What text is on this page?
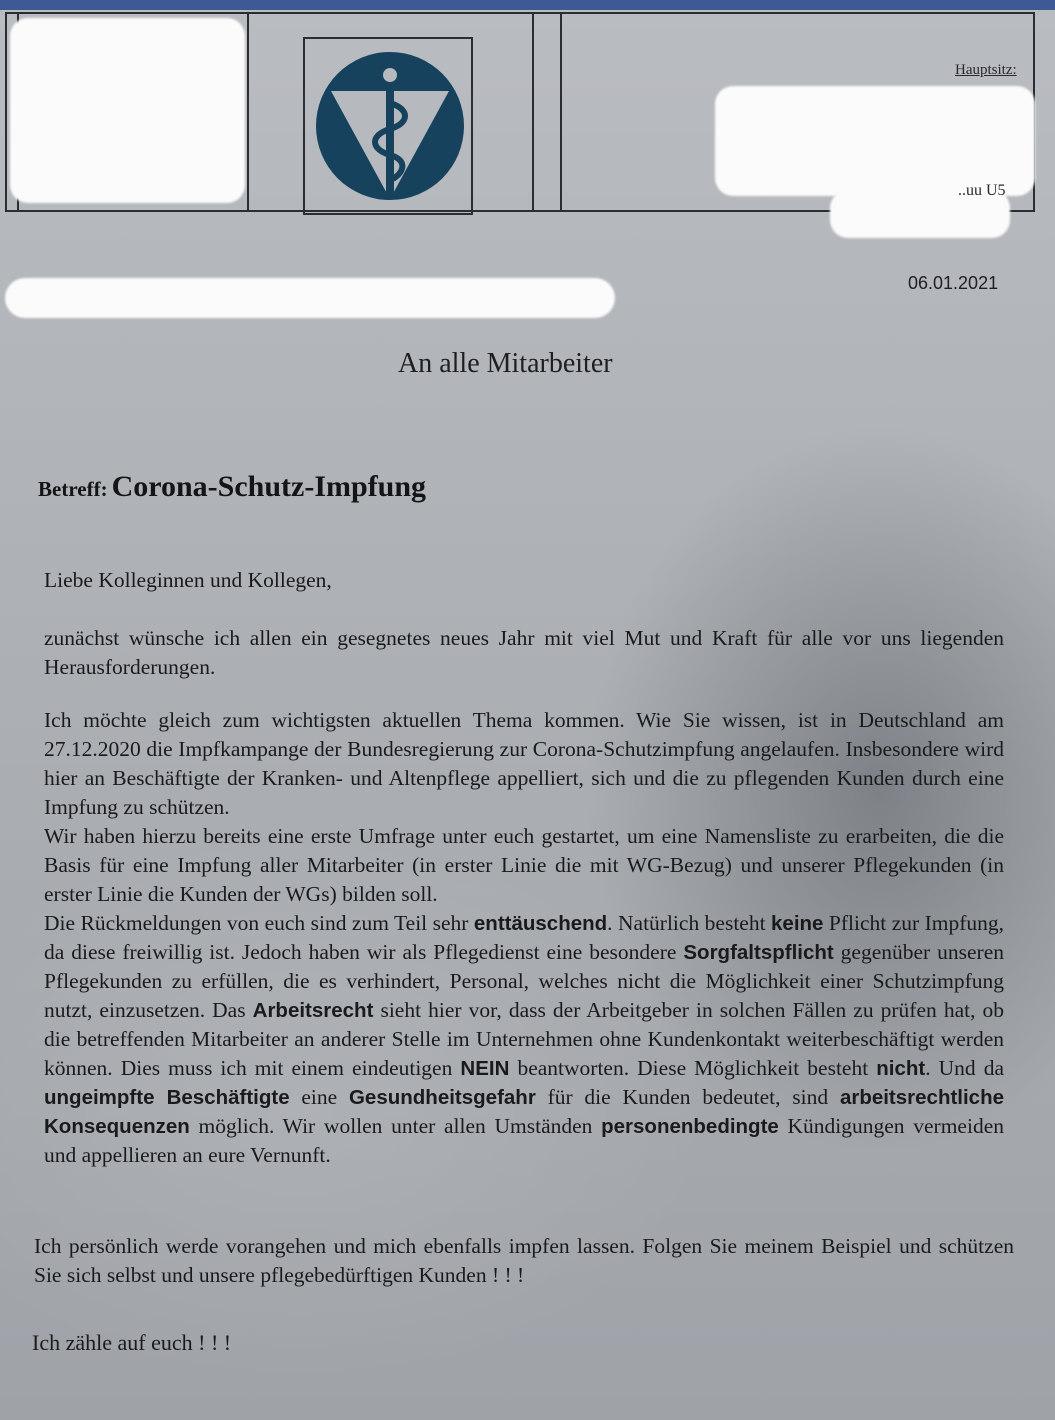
Hauptsitz:
..uu U5
06.01.2021
An alle Mitarbeiter
Betreff: Corona-Schutz-Impfung
Liebe Kolleginnen und Kollegen,
zunächst wünsche ich allen ein gesegnetes neues Jahr mit viel Mut und Kraft für alle vor uns liegenden Herausforderungen.
Ich möchte gleich zum wichtigsten aktuellen Thema kommen. Wie Sie wissen, ist in Deutschland am 27.12.2020 die Impfkampange der Bundesregierung zur Corona-Schutzimpfung angelaufen. Insbesondere wird hier an Beschäftigte der Kranken- und Altenpflege appelliert, sich und die zu pflegenden Kunden durch eine Impfung zu schützen.
Wir haben hierzu bereits eine erste Umfrage unter euch gestartet, um eine Namensliste zu erarbeiten, die die Basis für eine Impfung aller Mitarbeiter (in erster Linie die mit WG-Bezug) und unserer Pflegekunden (in erster Linie die Kunden der WGs) bilden soll.
Die Rückmeldungen von euch sind zum Teil sehr enttäuschend. Natürlich besteht keine Pflicht zur Impfung, da diese freiwillig ist. Jedoch haben wir als Pflegedienst eine besondere Sorgfaltspflicht gegenüber unseren Pflegekunden zu erfüllen, die es verhindert, Personal, welches nicht die Möglichkeit einer Schutzimpfung nutzt, einzusetzen. Das Arbeitsrecht sieht hier vor, dass der Arbeitgeber in solchen Fällen zu prüfen hat, ob die betreffenden Mitarbeiter an anderer Stelle im Unternehmen ohne Kundenkontakt weiterbeschäftigt werden können. Dies muss ich mit einem eindeutigen NEIN beantworten. Diese Möglichkeit besteht nicht. Und da ungeimpfte Beschäftigte eine Gesundheitsgefahr für die Kunden bedeutet, sind arbeitsrechtliche Konsequenzen möglich. Wir wollen unter allen Umständen personenbedingte Kündigungen vermeiden und appellieren an eure Vernunft.
Ich persönlich werde vorangehen und mich ebenfalls impfen lassen. Folgen Sie meinem Beispiel und schützen Sie sich selbst und unsere pflegebedürftigen Kunden ! ! !
Ich zähle auf euch ! ! !
